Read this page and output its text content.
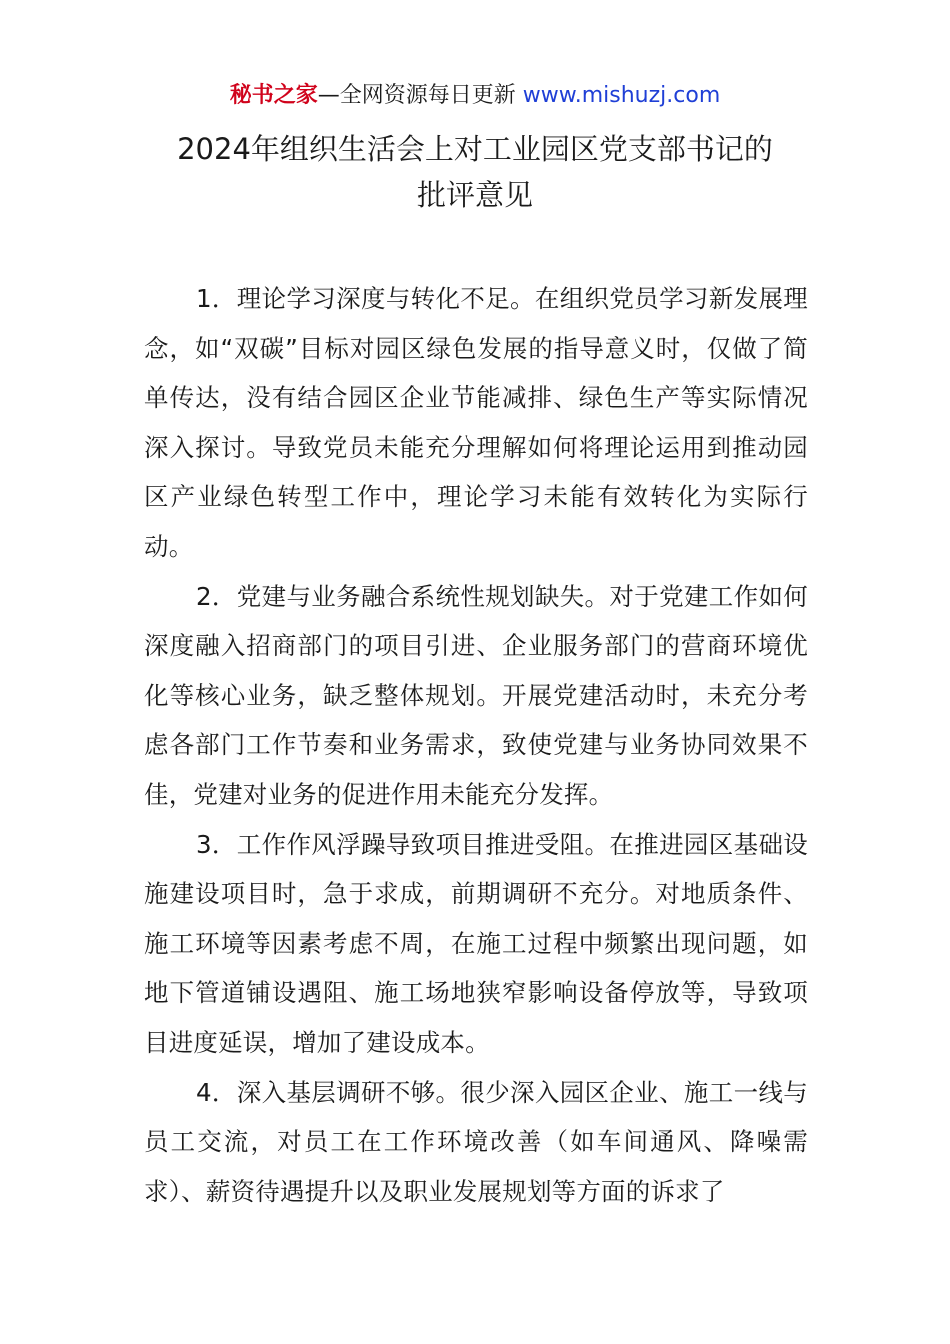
秘书之家—全网资源每日更新 www.mishuzj.com
2024年组织生活会上对工业园区党支部书记的
批评意见

1．理论学习深度与转化不足。在组织党员学习新发展理念，如“双碳”目标对园区绿色发展的指导意义时，仅做了简单传达，没有结合园区企业节能减排、绿色生产等实际情况深入探讨。导致党员未能充分理解如何将理论运用到推动园区产业绿色转型工作中，理论学习未能有效转化为实际行动。

2．党建与业务融合系统性规划缺失。对于党建工作如何深度融入招商部门的项目引进、企业服务部门的营商环境优化等核心业务，缺乏整体规划。开展党建活动时，未充分考虑各部门工作节奏和业务需求，致使党建与业务协同效果不佳，党建对业务的促进作用未能充分发挥。

3．工作作风浮躁导致项目推进受阻。在推进园区基础设施建设项目时，急于求成，前期调研不充分。对地质条件、施工环境等因素考虑不周，在施工过程中频繁出现问题，如地下管道铺设遇阻、施工场地狭窄影响设备停放等，导致项目进度延误，增加了建设成本。

4．深入基层调研不够。很少深入园区企业、施工一线与员工交流，对员工在工作环境改善（如车间通风、降噪需求）、薪资待遇提升以及职业发展规划等方面的诉求了
